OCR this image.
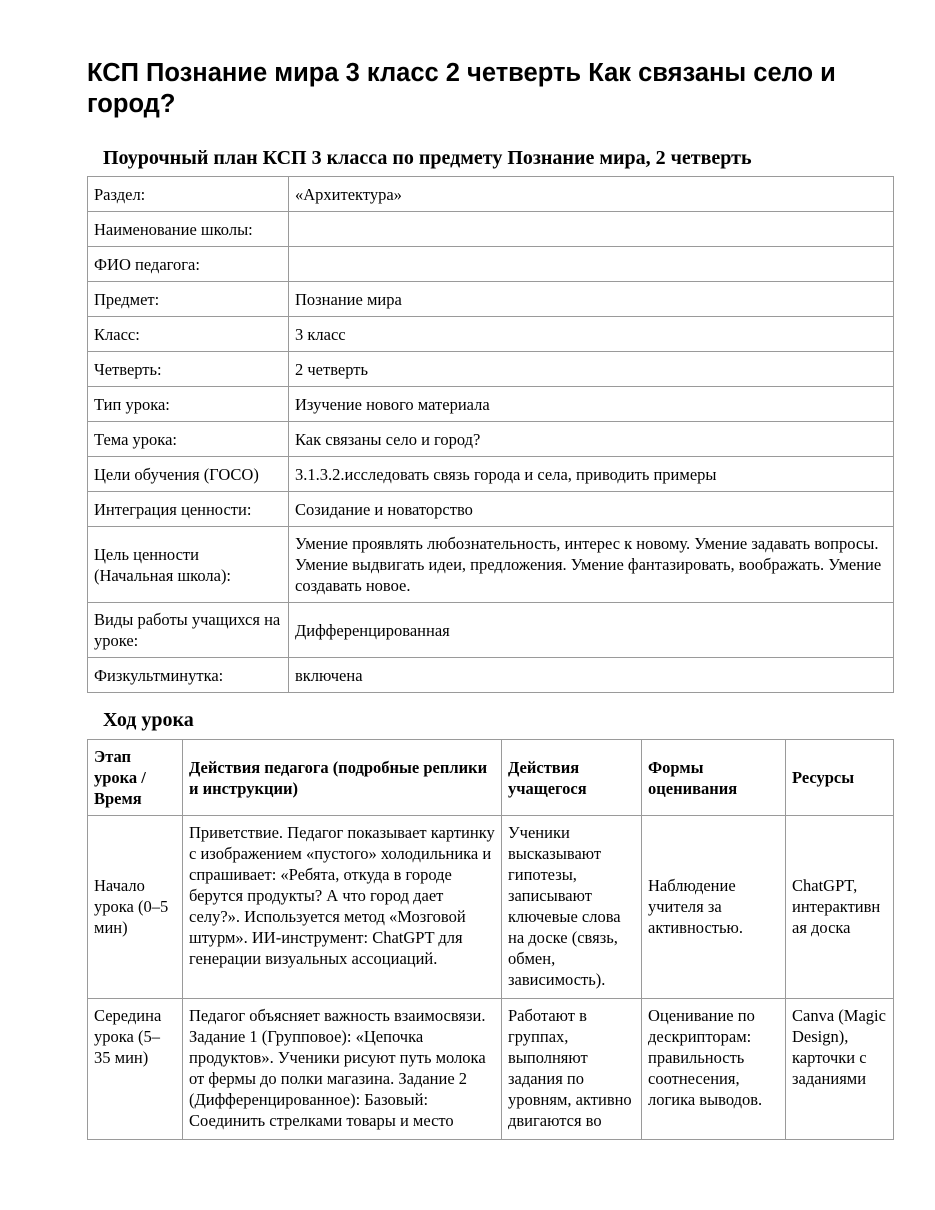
КСП Познание мира 3 класс 2 четверть Как связаны село и город?
Поурочный план КСП 3 класса по предмету Познание мира, 2 четверть
Раздел:	«Архитектура»
Наименование школы:	
ФИО педагога:	
Предмет:	Познание мира
Класс:	3 класс
Четверть:	2 четверть
Тип урока:	Изучение нового материала
Тема урока:	Как связаны село и город?
Цели обучения (ГОСО)	3.1.3.2.исследовать связь города и села, приводить примеры
Интеграция ценности:	Созидание и новаторство
Цель ценности (Начальная школа):	Умение проявлять любознательность, интерес к новому. Умение задавать вопросы. Умение выдвигать идеи, предложения. Умение фантазировать, воображать. Умение создавать новое.
Виды работы учащихся на уроке:	Дифференцированная
Физкультминутка:	включена
Ход урока
Этап урока / Время	Действия педагога (подробные реплики и инструкции)	Действия учащегося	Формы оценивания	Ресурсы
Начало урока (0–5 мин)	Приветствие. Педагог показывает картинку с изображением «пустого» холодильника и спрашивает: «Ребята, откуда в городе берутся продукты? А что город дает селу?». Используется метод «Мозговой штурм». ИИ-инструмент: ChatGPT для генерации визуальных ассоциаций.	Ученики высказывают гипотезы, записывают ключевые слова на доске (связь, обмен, зависимость).	Наблюдение учителя за активностью.	ChatGPT, интерактивная доска
Середина урока (5–35 мин)	Педагог объясняет важность взаимосвязи. Задание 1 (Групповое): «Цепочка продуктов». Ученики рисуют путь молока от фермы до полки магазина. Задание 2 (Дифференцированное): Базовый: Соединить стрелками товары и место	Работают в группах, выполняют задания по уровням, активно двигаются во	Оценивание по дескрипторам: правильность соотнесения, логика выводов.	Canva (Magic Design), карточки с заданиями
